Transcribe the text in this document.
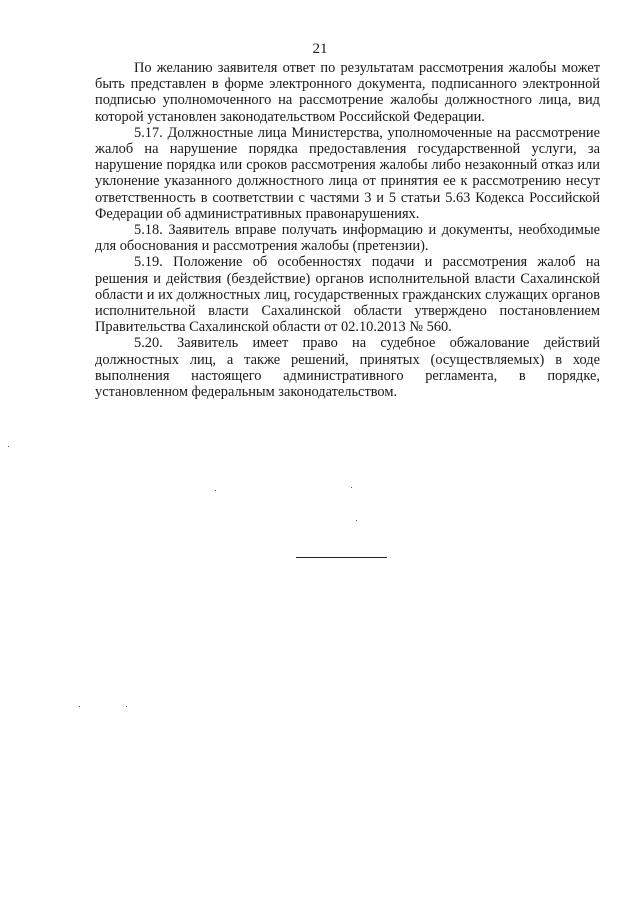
21

По желанию заявителя ответ по результатам рассмотрения жалобы может быть представлен в форме электронного документа, подписанного электронной подписью уполномоченного на рассмотрение жалобы должностного лица, вид которой установлен законодательством Российской Федерации.

5.17. Должностные лица Министерства, уполномоченные на рассмотрение жалоб на нарушение порядка предоставления государственной услуги, за нарушение порядка или сроков рассмотрения жалобы либо незаконный отказ или уклонение указанного должностного лица от принятия ее к рассмотрению несут ответственность в соответствии с частями 3 и 5 статьи 5.63 Кодекса Российской Федерации об административных правонарушениях.

5.18. Заявитель вправе получать информацию и документы, необходимые для обоснования и рассмотрения жалобы (претензии).

5.19. Положение об особенностях подачи и рассмотрения жалоб на решения и действия (бездействие) органов исполнительной власти Сахалинской области и их должностных лиц, государственных гражданских служащих органов исполнительной власти Сахалинской области утверждено постановлением Правительства Сахалинской области от 02.10.2013 № 560.

5.20. Заявитель имеет право на судебное обжалование действий должностных лиц, а также решений, принятых (осуществляемых) в ходе выполнения настоящего административного регламента, в порядке, установленном федеральным законодательством.
